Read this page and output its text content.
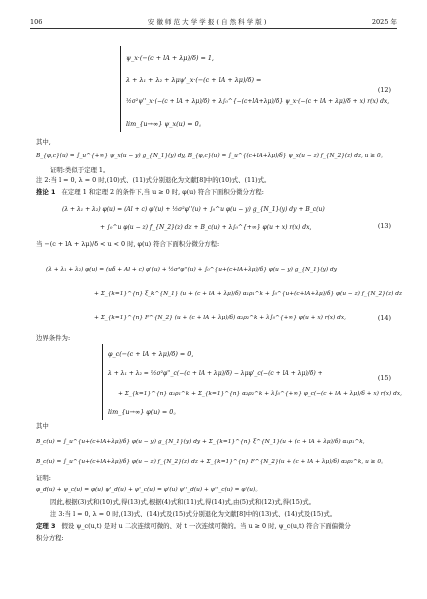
106	安 徽 师 范 大 学 学 报 ( 自 然 科 学 版 )	2025 年
ψ_x·(−(c + lA + λμ)/δ) = 1,
λ + λ₁ + λ₂ + λμψ'_x·(−(c + lA + λμ)/δ) =
½σ²ψ''_x·(−(c + lA + λμ)/δ) + λ∫₀^{−(c+lA+λμ)/δ} ψ_x·(−(c + lA + λμ)/δ + x) r(x) dx,
lim_{u→∞} ψ_x(u) = 0。
(12)
其中,
B_{φ,c}(u) = ∫_u^{+∞} ψ_x(u − y) g_{N_1}(y) dy, B_{φ,c}(u) = ∫_u^{(c+lA+λμ)/δ} ψ_x(u − z) f_{N_2}(z) dz, u ≥ 0。
证明:类似于定理 1。
注 2:当 l = 0, λ = 0 时,(10)式、(11)式分别退化为文献[8]中的(10)式、(11)式。
推论 1 在定理 1 和定理 2 的条件下,当 u ≥ 0 时, φ(u) 符合下面积分微分方程:
(λ + λ₁ + λ₂) φ(u) = (Al + c) φ'(u) + ½σ²φ''(u) + ∫₀^u φ(u − y) g_{N_1}(y) dy + B_c(u)
+ ∫₀^u φ(u − z) f_{N_2}(z) dz + B_c(u) + λ∫₀^{+∞} φ(u + x) r(x) dx,	(13)
当 −(c + lA + λμ)/δ < u < 0 时, φ(u) 符合下面积分微分方程:
(λ + λ₁ + λ₂) φ(u) = (uδ + Al + c) φ'(u) + ½σ²φ''(u) + ∫₀^{u+(c+lA+λμ)/δ} φ(u − y) g_{N_1}(y) dy
+ Σ_{k=1}^{n} ξ_k^{N_1} (u + (c + lA + λμ)/δ) α₁ρ₁^k + ∫₀^{u+(c+lA+λμ)/δ} φ(u − z) f_{N_2}(z) dz
+ Σ_{k=1}^{n} F^{N_2} (u + (c + lA + λμ)/δ) α₂ρ₂^k + λ∫₀^{+∞} φ(u + x) r(x) dx,	(14)
边界条件为:
φ_c(−(c + lA + λμ)/δ) = 0,
λ + λ₁ + λ₂ = ½σ²φ''_c(−(c + lA + λμ)/δ) − λμφ'_c(−(c + lA + λμ)/δ) +
+ Σ_{k=1}^{n} α₁ρ₁^k + Σ_{k=1}^{n} α₂ρ₂^k + λ∫₀^{+∞} φ_c(−(c + lA + λμ)/δ + x) r(x) dx,
lim_{u→∞} φ(u) = 0。
(15)
其中
B_c(u) = ∫_u^{u+(c+lA+λμ)/δ} φ(u − y) g_{N_1}(y) dy + Σ_{k=1}^{n} ξ^{N_1}(u + (c + lA + λμ)/δ) α₁ρ₁^k,
B_c(u) = ∫_u^{u+(c+lA+λμ)/δ} φ(u − z) f_{N_2}(z) dz + Σ_{k=1}^{n} F^{N_2}(u + (c + lA + λμ)/δ) α₂ρ₂^k, u ≥ 0。
证明:
φ_d(u) + ψ_c(u) = φ(u) ψ'_d(u) + ψ'_c(u) = φ'(u) ψ''_d(u) + ψ''_c(u) = φ'(u)。
因此,根据(3)式和(10)式,得(13)式,根据(4)式和(11)式,得(14)式,由(5)式和(12)式,得(15)式。
注 3:当 l = 0, λ = 0 时,(13)式、(14)式及(15)式分别退化为文献[8]中的(13)式、(14)式及(15)式。
定理 3 假设 ψ_c(u,t) 是对 u 二次连续可微的、对 t 一次连续可微的。当 u ≥ 0 时, ψ_c(u,t) 符合下面偏微分
积分方程:
